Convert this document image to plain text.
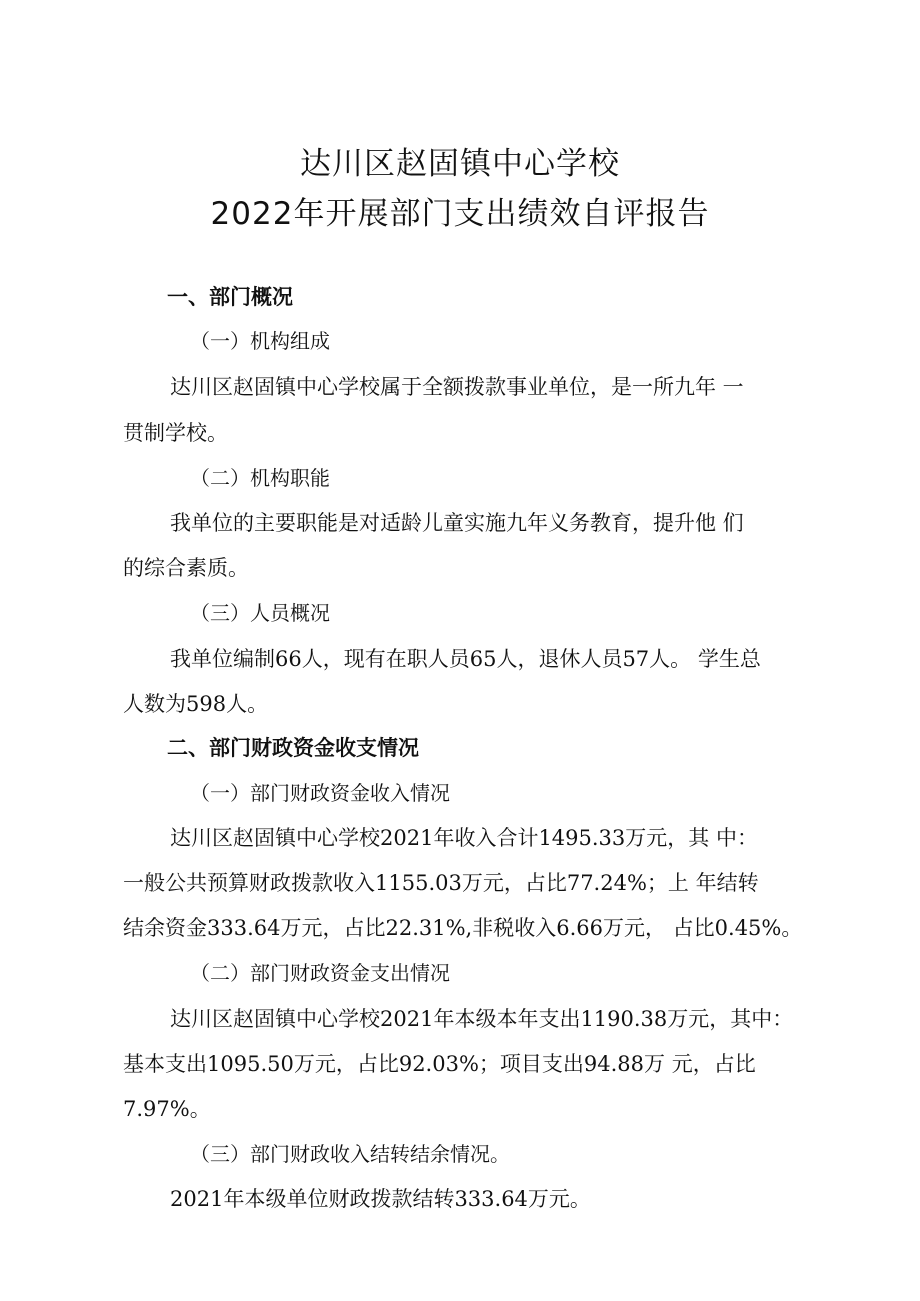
达川区赵固镇中心学校
2022年开展部门支出绩效自评报告
一、部门概况
（一）机构组成
达川区赵固镇中心学校属于全额拨款事业单位，是一所九年 一
贯制学校。
（二）机构职能
我单位的主要职能是对适龄儿童实施九年义务教育，提升他 们
的综合素质。
（三）人员概况
我单位编制66人，现有在职人员65人，退休人员57人。 学生总
人数为598人。
二、部门财政资金收支情况
（一）部门财政资金收入情况
达川区赵固镇中心学校2021年收入合计1495.33万元，其 中：
一般公共预算财政拨款收入1155.03万元，占比77.24%；上 年结转
结余资金333.64万元，占比22.31%,非税收入6.66万元， 占比0.45%。
（二）部门财政资金支出情况
达川区赵固镇中心学校2021年本级本年支出1190.38万元，其中：
基本支出1095.50万元，占比92.03%；项目支出94.88万 元，占比
7.97%。
（三）部门财政收入结转结余情况。
2021年本级单位财政拨款结转333.64万元。
